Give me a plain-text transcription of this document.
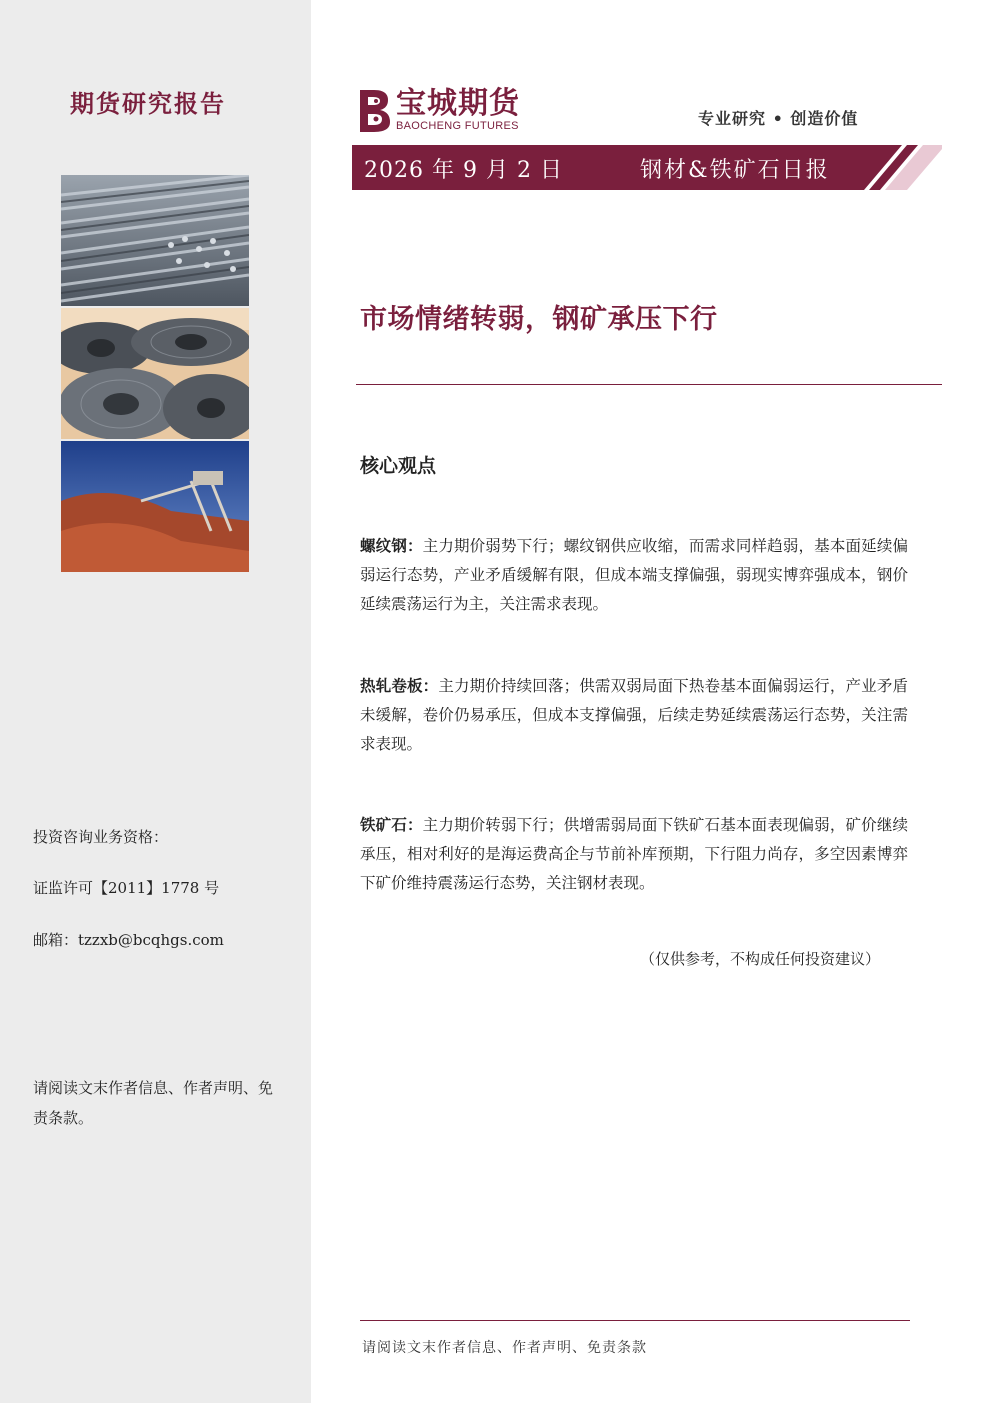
期货研究报告
投资咨询业务资格：
证监许可【2011】1778 号
邮箱：tzzxb@bcqhgs.com
请阅读文末作者信息、作者声明、免责条款。
宝城期货
BAOCHENG FUTURES	专业研究 • 创造价值
2026 年 9 月 2 日	钢材&铁矿石日报
市场情绪转弱，钢矿承压下行
核心观点
螺纹钢：主力期价弱势下行；螺纹钢供应收缩，而需求同样趋弱，基本面延续偏弱运行态势，产业矛盾缓解有限，但成本端支撑偏强，弱现实博弈强成本，钢价延续震荡运行为主，关注需求表现。
热轧卷板：主力期价持续回落；供需双弱局面下热卷基本面偏弱运行，产业矛盾未缓解，卷价仍易承压，但成本支撑偏强，后续走势延续震荡运行态势，关注需求表现。
铁矿石：主力期价转弱下行；供增需弱局面下铁矿石基本面表现偏弱，矿价继续承压，相对利好的是海运费高企与节前补库预期，下行阻力尚存，多空因素博弈下矿价维持震荡运行态势，关注钢材表现。
（仅供参考，不构成任何投资建议）
请阅读文末作者信息、作者声明、免责条款
